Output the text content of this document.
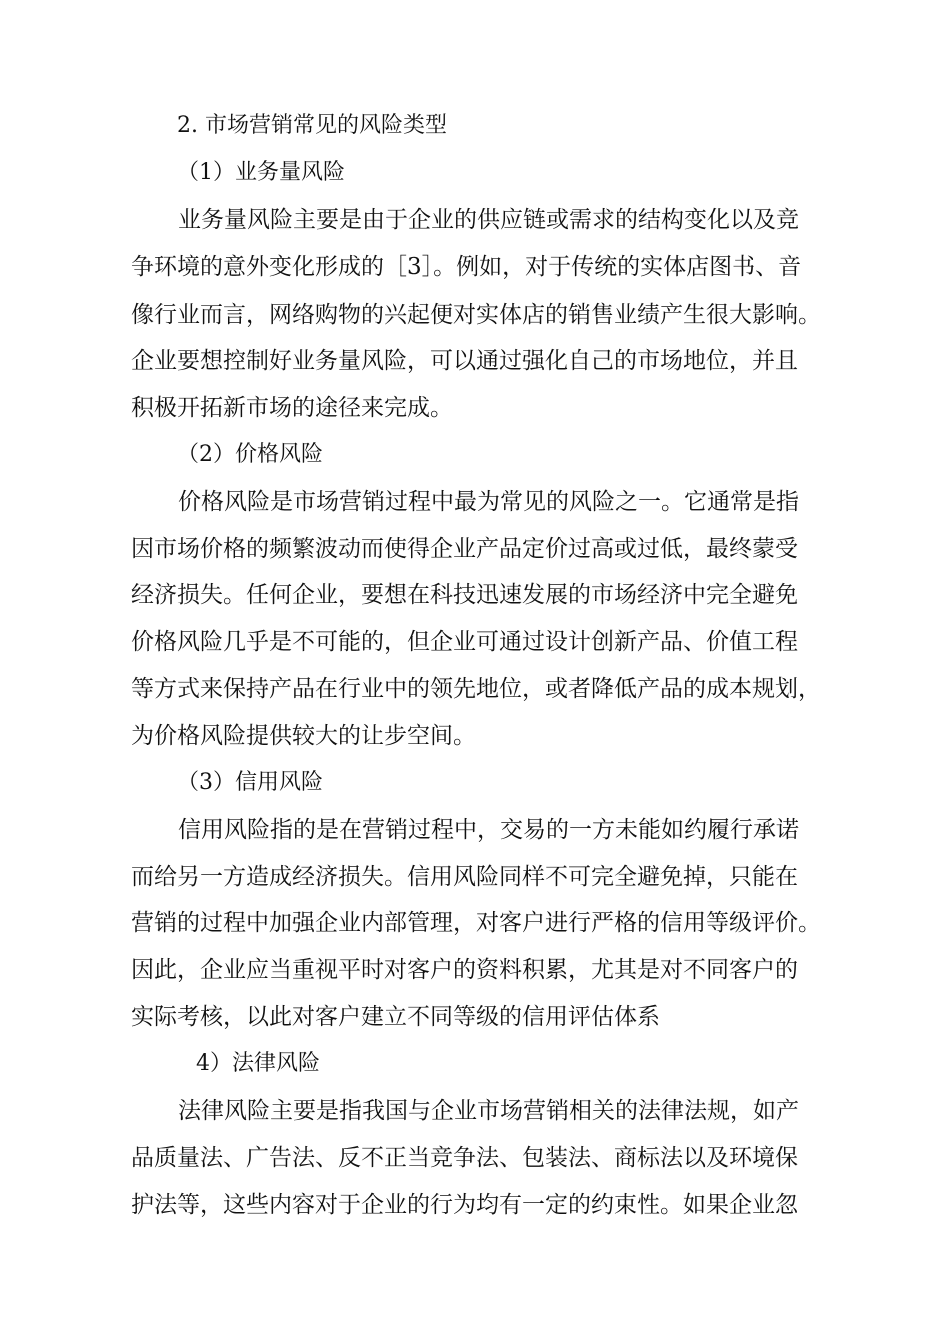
2. 市场营销常见的风险类型
（1）业务量风险
业务量风险主要是由于企业的供应链或需求的结构变化以及竞
争环境的意外变化形成的［3］。例如，对于传统的实体店图书、音
像行业而言，网络购物的兴起便对实体店的销售业绩产生很大影响。
企业要想控制好业务量风险，可以通过强化自己的市场地位，并且
积极开拓新市场的途径来完成。
（2）价格风险
价格风险是市场营销过程中最为常见的风险之一。它通常是指
因市场价格的频繁波动而使得企业产品定价过高或过低，最终蒙受
经济损失。任何企业，要想在科技迅速发展的市场经济中完全避免
价格风险几乎是不可能的，但企业可通过设计创新产品、价值工程
等方式来保持产品在行业中的领先地位，或者降低产品的成本规划，
为价格风险提供较大的让步空间。
（3）信用风险
信用风险指的是在营销过程中，交易的一方未能如约履行承诺
而给另一方造成经济损失。信用风险同样不可完全避免掉，只能在
营销的过程中加强企业内部管理，对客户进行严格的信用等级评价。
因此，企业应当重视平时对客户的资料积累，尤其是对不同客户的
实际考核，以此对客户建立不同等级的信用评估体系
4）法律风险
法律风险主要是指我国与企业市场营销相关的法律法规，如产
品质量法、广告法、反不正当竞争法、包装法、商标法以及环境保
护法等，这些内容对于企业的行为均有一定的约束性。如果企业忽
